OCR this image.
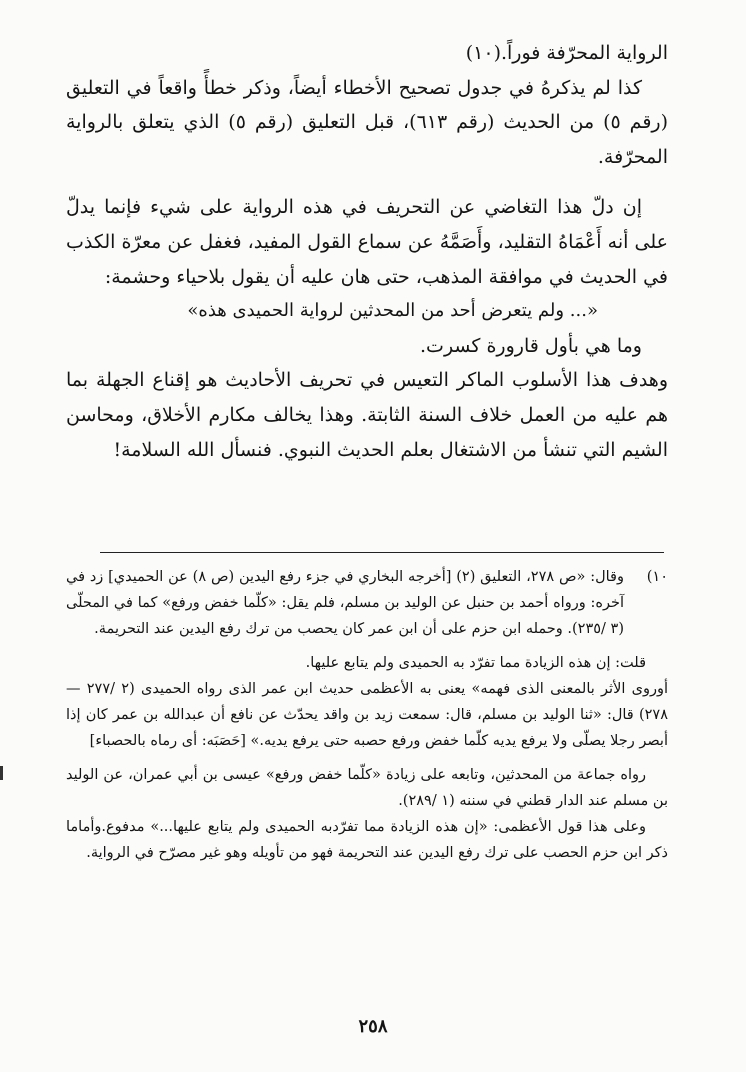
الرواية المحرّفة فوراً.(١٠)

كذا لم يذكرهُ في جدول تصحيح الأخطاء أيضاً، وذكر خطأً واقعاً في التعليق (رقم ٥) من الحديث (رقم ٦١٣)، قبل التعليق (رقم ٥) الذي يتعلق بالرواية المحرّفة.

إن دلّ هذا التغاضي عن التحريف في هذه الرواية على شيء فإنما يدلّ على أنه أَعْمَاهُ التقليد، وأَصَمَّهُ عن سماع القول المفيد، فغفل عن معرّة الكذب في الحديث في موافقة المذهب، حتى هان عليه أن يقول بلاحياء وحشمة:

«... ولم يتعرض أحد من المحدثين لرواية الحميدى هذه»

وما هي بأول قارورة كسرت.

وهدف هذا الأسلوب الماكر التعيس في تحريف الأحاديث هو إقناع الجهلة بما هم عليه من العمل خلاف السنة الثابتة. وهذا يخالف مكارم الأخلاق، ومحاسن الشيم التي تنشأ من الاشتغال بعلم الحديث النبوي. فنسأل الله السلامة!

١٠)
وقال: «ص ٢٧٨، التعليق (٢) [أخرجه البخاري في جزء رفع اليدين (ص ٨) عن الحميدي] زد في آخره: ورواه أحمد بن حنبل عن الوليد بن مسلم، فلم يقل: «كلّما خفض ورفع» كما في المحلّى (٣ /٢٣٥). وحمله ابن حزم على أن ابن عمر كان يحصب من ترك رفع اليدين عند التحريمة.

قلت: إن هذه الزيادة مما تفرّد به الحميدى ولم يتابع عليها.

أوروى الأثر بالمعنى الذى فهمه» يعنى به الأعظمى حديث ابن عمر الذى رواه الحميدى (٢ /٢٧٧ — ٢٧٨) قال: «ثنا الوليد بن مسلم، قال: سمعت زيد بن واقد يحدّث عن نافع أن عبدالله بن عمر كان إذا أبصر رجلا يصلّى ولا يرفع يديه كلّما خفض ورفع حصبه حتى يرفع يديه.» [حَصَبَه: أى رماه بالحصباء]

رواه جماعة من المحدثين، وتابعه على زيادة «كلّما خفض ورفع» عيسى بن أبي عمران، عن الوليد بن مسلم عند الدار قطني في سننه (١ /٢٨٩).

وعلى هذا قول الأعظمى: «إن هذه الزيادة مما تفرّدبه الحميدى ولم يتابع عليها...» مدفوع.وأماما ذكر ابن حزم الحصب على ترك رفع اليدين عند التحريمة فهو من تأويله وهو غير مصرّح في الرواية.

٢٥٨
